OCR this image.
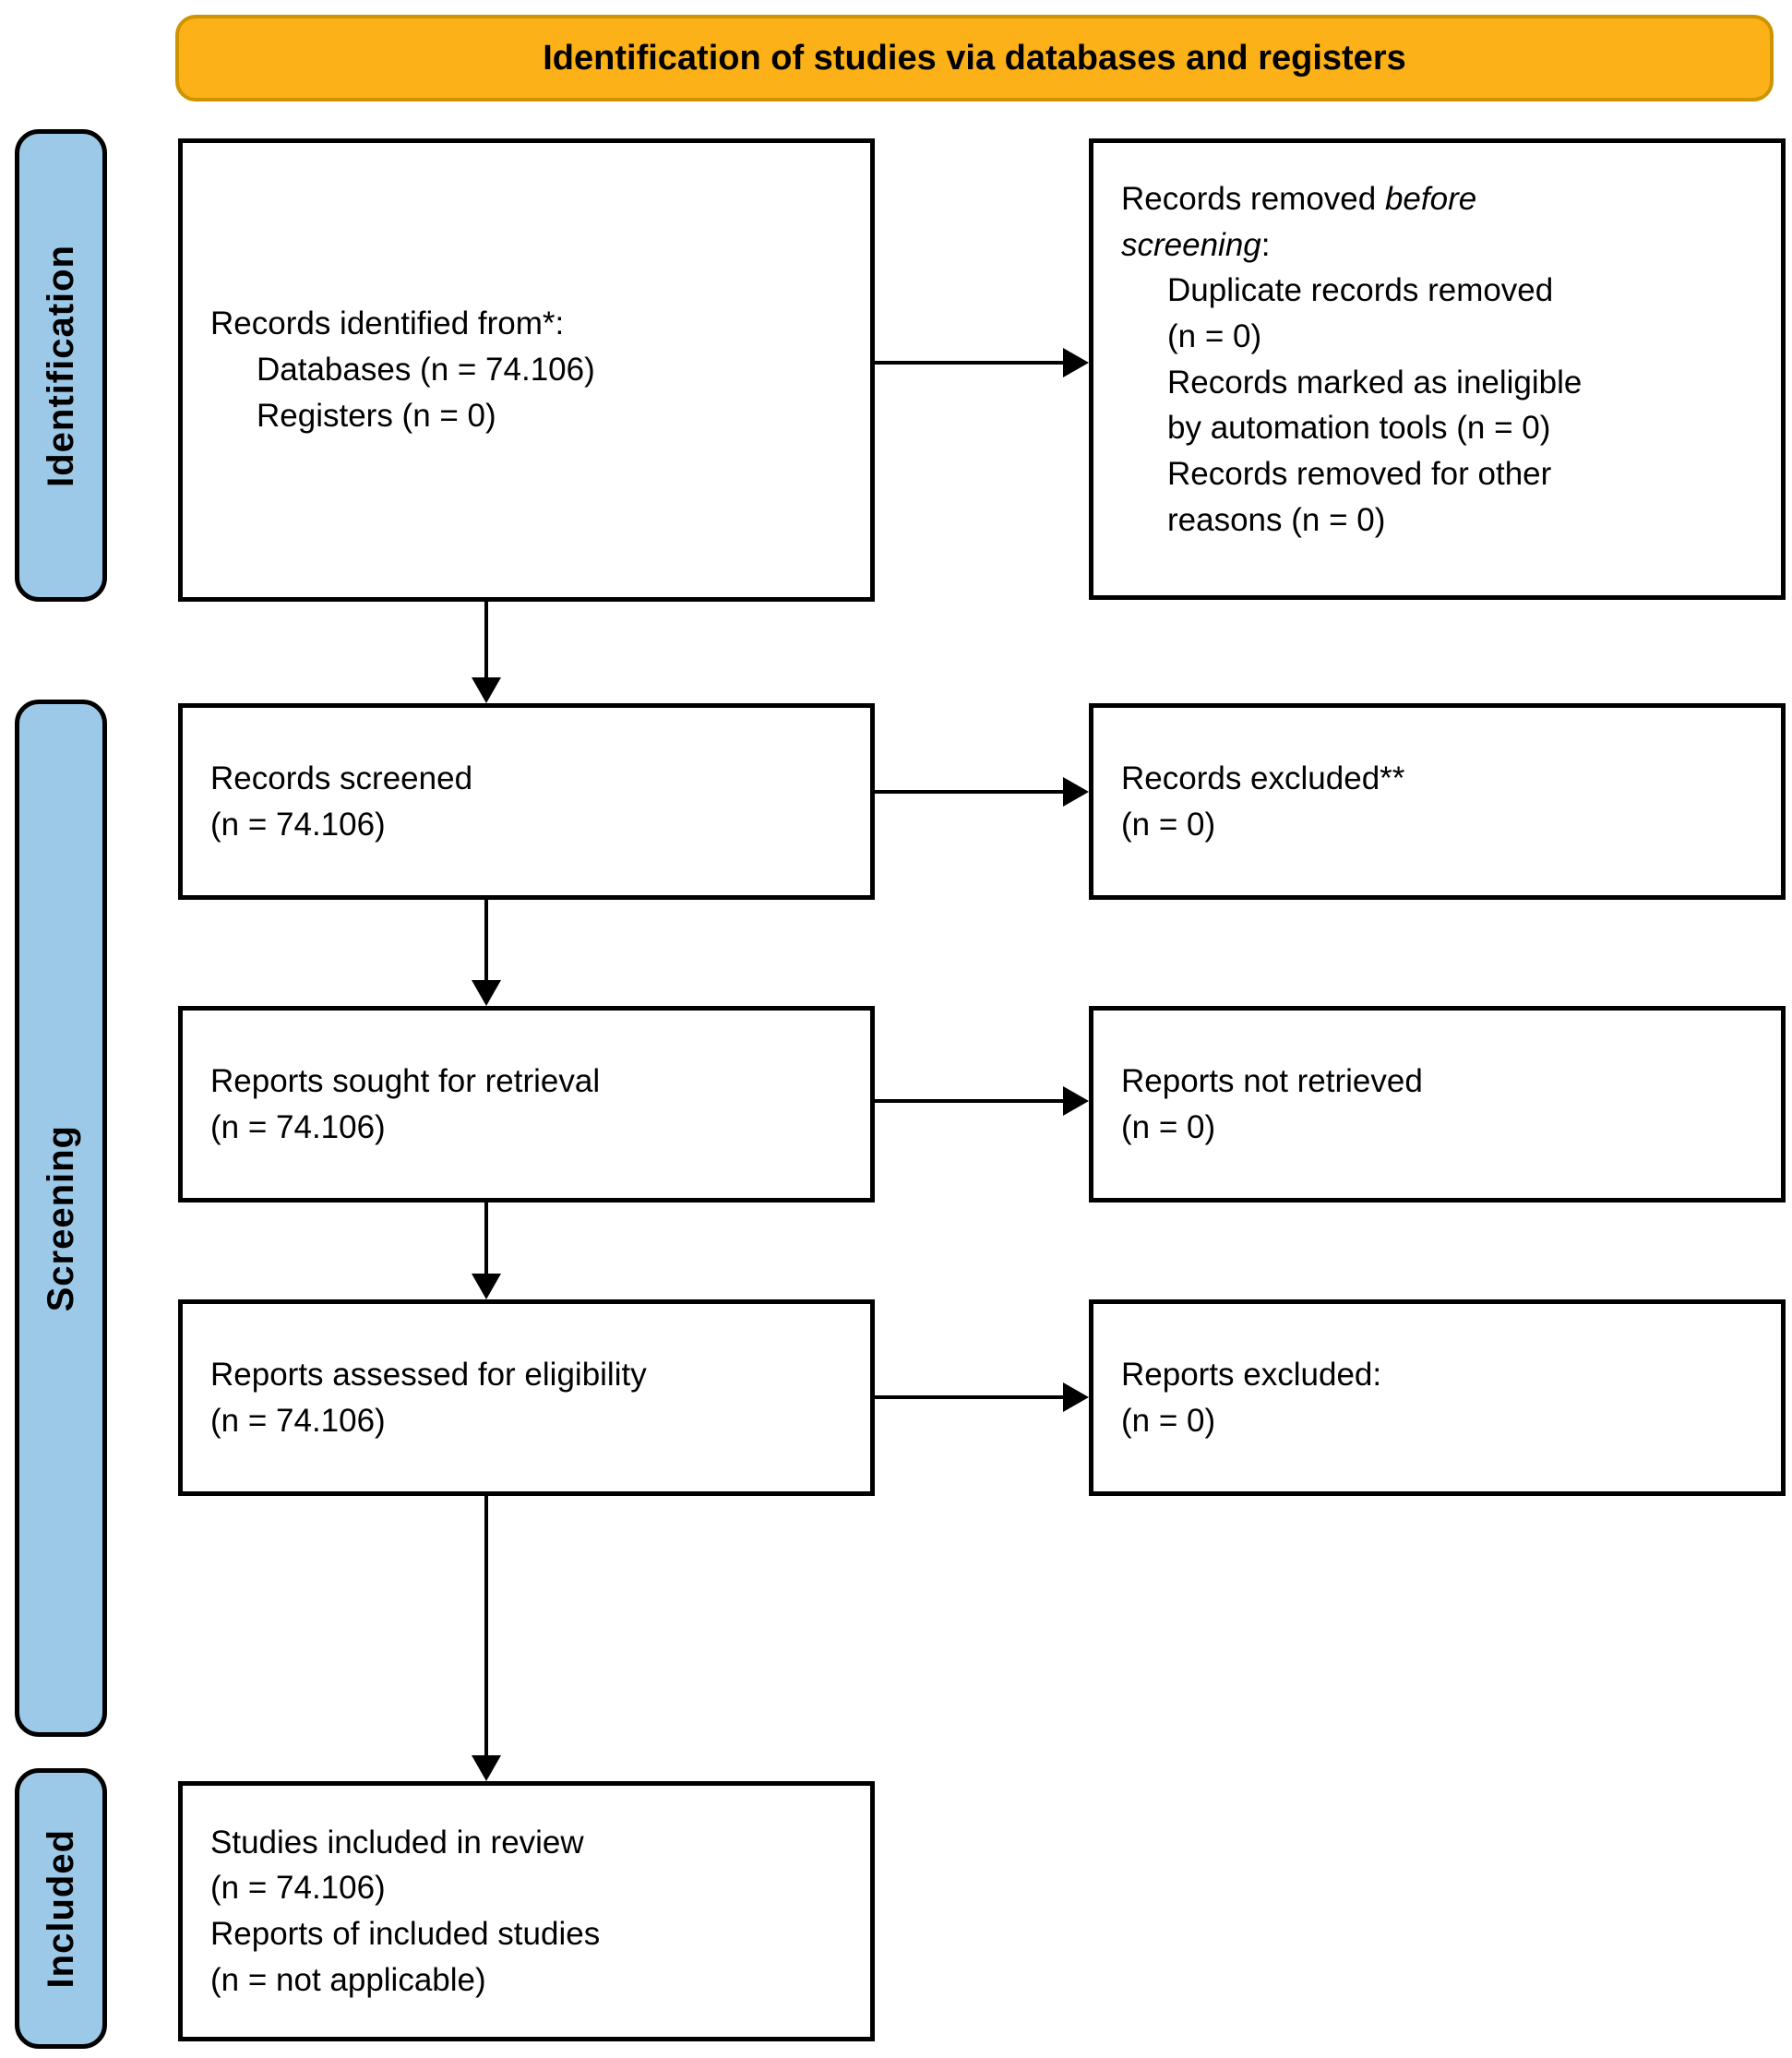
Identification of studies via databases and registers
Identification
Screening
Included
Records identified from*:
Databases (n = 74.106)
Registers (n = 0)
Records removed before
screening:
Duplicate records removed
(n = 0)
Records marked as ineligible
by automation tools (n = 0)
Records removed for other
reasons (n = 0)
Records screened
(n = 74.106)
Records excluded**
(n = 0)
Reports sought for retrieval
(n = 74.106)
Reports not retrieved
(n = 0)
Reports assessed for eligibility
(n = 74.106)
Reports excluded:
(n = 0)
Studies included in review
(n = 74.106)
Reports of included studies
(n = not applicable)
